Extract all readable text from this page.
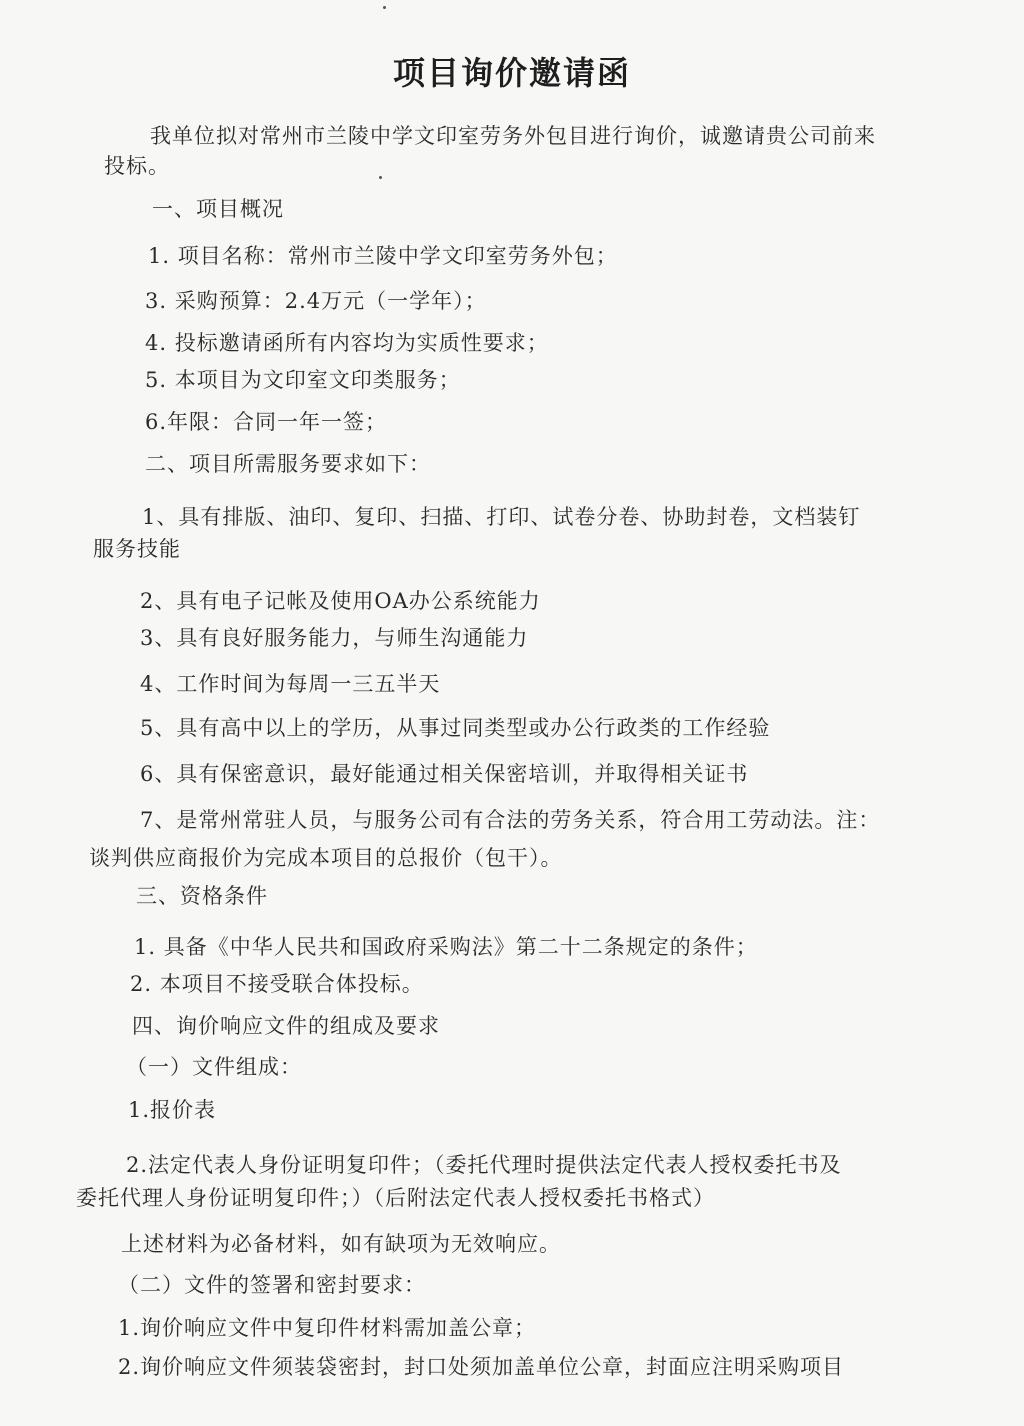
项目询价邀请函
我单位拟对常州市兰陵中学文印室劳务外包目进行询价，诚邀请贵公司前来
投标。
一、项目概况
1. 项目名称：常州市兰陵中学文印室劳务外包；
3. 采购预算：2.4万元（一学年）；
4. 投标邀请函所有内容均为实质性要求；
5. 本项目为文印室文印类服务；
6.年限：合同一年一签；
二、项目所需服务要求如下：
1、具有排版、油印、复印、扫描、打印、试卷分卷、协助封卷，文档装钉
服务技能
2、具有电子记帐及使用OA办公系统能力
3、具有良好服务能力，与师生沟通能力
4、工作时间为每周一三五半天
5、具有高中以上的学历，从事过同类型或办公行政类的工作经验
6、具有保密意识，最好能通过相关保密培训，并取得相关证书
7、是常州常驻人员，与服务公司有合法的劳务关系，符合用工劳动法。注：
谈判供应商报价为完成本项目的总报价（包干）。
三、资格条件
1. 具备《中华人民共和国政府采购法》第二十二条规定的条件；
2. 本项目不接受联合体投标。
四、询价响应文件的组成及要求
（一）文件组成：
1.报价表
2.法定代表人身份证明复印件；（委托代理时提供法定代表人授权委托书及
委托代理人身份证明复印件；）（后附法定代表人授权委托书格式）
上述材料为必备材料，如有缺项为无效响应。
（二）文件的签署和密封要求：
1.询价响应文件中复印件材料需加盖公章；
2.询价响应文件须装袋密封，封口处须加盖单位公章，封面应注明采购项目
